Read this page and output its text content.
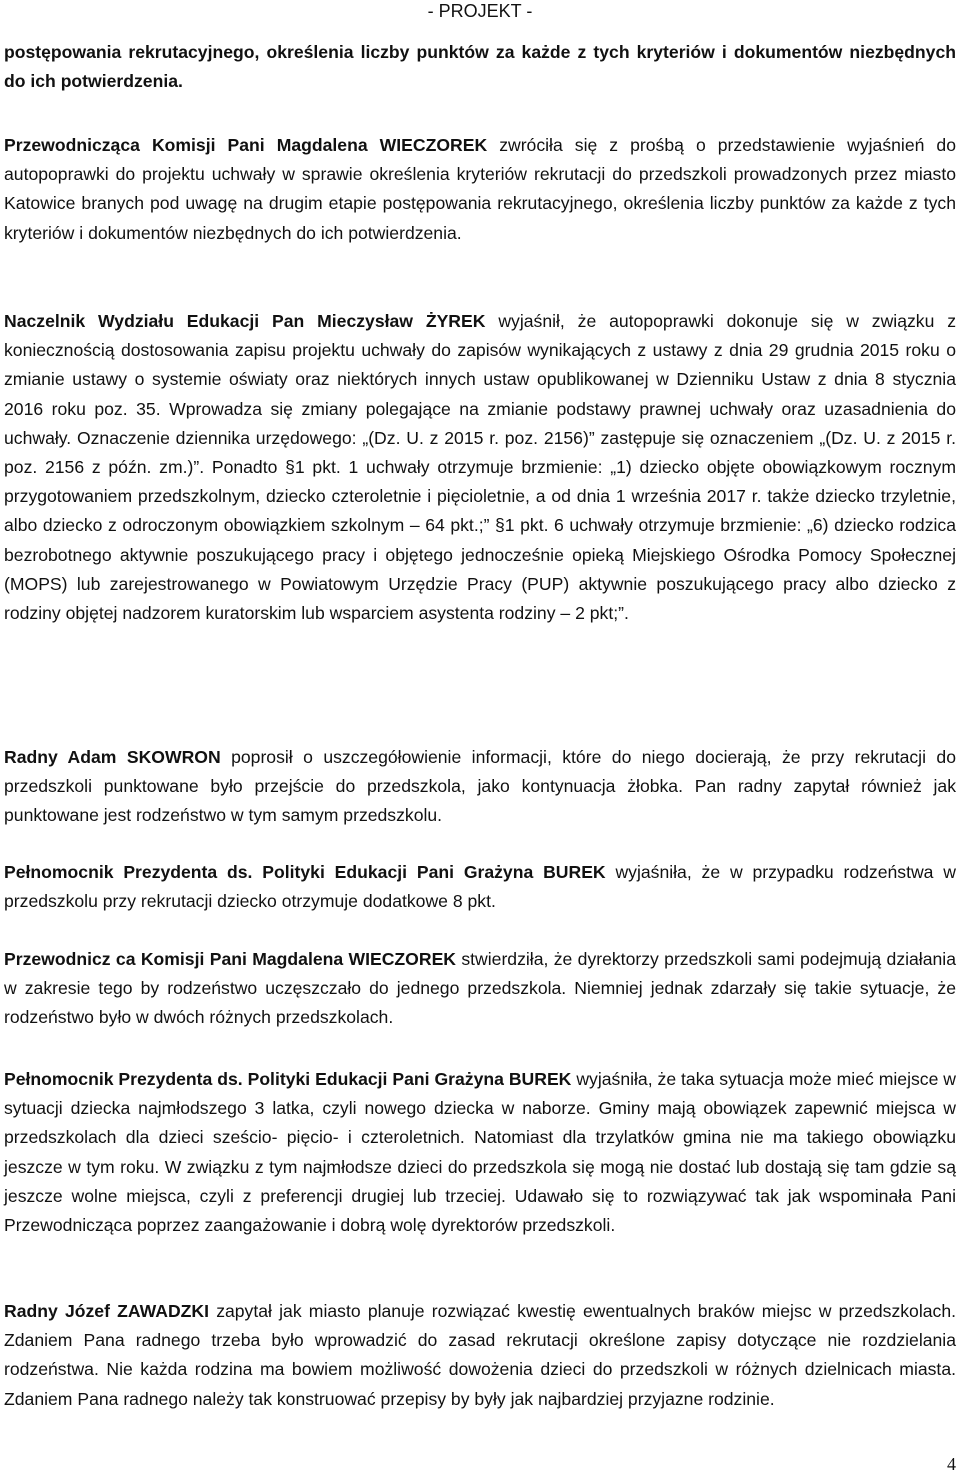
- PROJEKT -

postępowania rekrutacyjnego, określenia liczby punktów za każde z tych kryteriów i dokumentów niezbędnych do ich potwierdzenia.

Przewodnicząca Komisji Pani Magdalena WIECZOREK zwróciła się z prośbą o przedstawienie wyjaśnień do autopoprawki do projektu uchwały w sprawie określenia kryteriów rekrutacji do przedszkoli prowadzonych przez miasto Katowice branych pod uwagę na drugim etapie postępowania rekrutacyjnego, określenia liczby punktów za każde z tych kryteriów i dokumentów niezbędnych do ich potwierdzenia.

Naczelnik Wydziału Edukacji Pan Mieczysław ŻYREK wyjaśnił, że autopoprawki dokonuje się w związku z koniecznością dostosowania zapisu projektu uchwały do zapisów wynikających z ustawy z dnia 29 grudnia 2015 roku o zmianie ustawy o systemie oświaty oraz niektórych innych ustaw opublikowanej w Dzienniku Ustaw z dnia 8 stycznia 2016 roku poz. 35. Wprowadza się zmiany polegające na zmianie podstawy prawnej uchwały oraz uzasadnienia do uchwały. Oznaczenie dziennika urzędowego: „(Dz. U. z 2015 r. poz. 2156)” zastępuje się oznaczeniem „(Dz. U. z 2015 r. poz. 2156 z późn. zm.)”. Ponadto §1 pkt. 1 uchwały otrzymuje brzmienie: „1) dziecko objęte obowiązkowym rocznym przygotowaniem przedszkolnym, dziecko czteroletnie i pięcioletnie, a od dnia 1 września 2017 r. także dziecko trzyletnie, albo dziecko z odroczonym obowiązkiem szkolnym – 64 pkt.;” §1 pkt. 6 uchwały otrzymuje brzmienie: „6) dziecko rodzica bezrobotnego aktywnie poszukującego pracy i objętego jednocześnie opieką Miejskiego Ośrodka Pomocy Społecznej (MOPS) lub zarejestrowanego w Powiatowym Urzędzie Pracy (PUP) aktywnie poszukującego pracy albo dziecko z rodziny objętej nadzorem kuratorskim lub wsparciem asystenta rodziny – 2 pkt;”.

Radny Adam SKOWRON poprosił o uszczegółowienie informacji, które do niego docierają, że przy rekrutacji do przedszkoli punktowane było przejście do przedszkola, jako kontynuacja żłobka. Pan radny zapytał również jak punktowane jest rodzeństwo w tym samym przedszkolu.

Pełnomocnik Prezydenta ds. Polityki Edukacji Pani Grażyna BUREK wyjaśniła, że w przypadku rodzeństwa w przedszkolu przy rekrutacji dziecko otrzymuje dodatkowe 8 pkt.

Przewodnicz ca Komisji Pani Magdalena WIECZOREK stwierdziła, że dyrektorzy przedszkoli sami podejmują działania w zakresie tego by rodzeństwo uczęszczało do jednego przedszkola. Niemniej jednak zdarzały się takie sytuacje, że rodzeństwo było w dwóch różnych przedszkolach.

Pełnomocnik Prezydenta ds. Polityki Edukacji Pani Grażyna BUREK wyjaśniła, że taka sytuacja może mieć miejsce w sytuacji dziecka najmłodszego 3 latka, czyli nowego dziecka w naborze. Gminy mają obowiązek zapewnić miejsca w przedszkolach dla dzieci sześcio- pięcio- i czteroletnich. Natomiast dla trzylatków gmina nie ma takiego obowiązku jeszcze w tym roku. W związku z tym najmłodsze dzieci do przedszkola się mogą nie dostać lub dostają się tam gdzie są jeszcze wolne miejsca, czyli z preferencji drugiej lub trzeciej. Udawało się to rozwiązywać tak jak wspominała Pani Przewodnicząca poprzez zaangażowanie i dobrą wolę dyrektorów przedszkoli.

Radny Józef ZAWADZKI zapytał jak miasto planuje rozwiązać kwestię ewentualnych braków miejsc w przedszkolach. Zdaniem Pana radnego trzeba było wprowadzić do zasad rekrutacji określone zapisy dotyczące nie rozdzielania rodzeństwa. Nie każda rodzina ma bowiem możliwość dowożenia dzieci do przedszkoli w różnych dzielnicach miasta. Zdaniem Pana radnego należy tak konstruować przepisy by były jak najbardziej przyjazne rodzinie.

4
